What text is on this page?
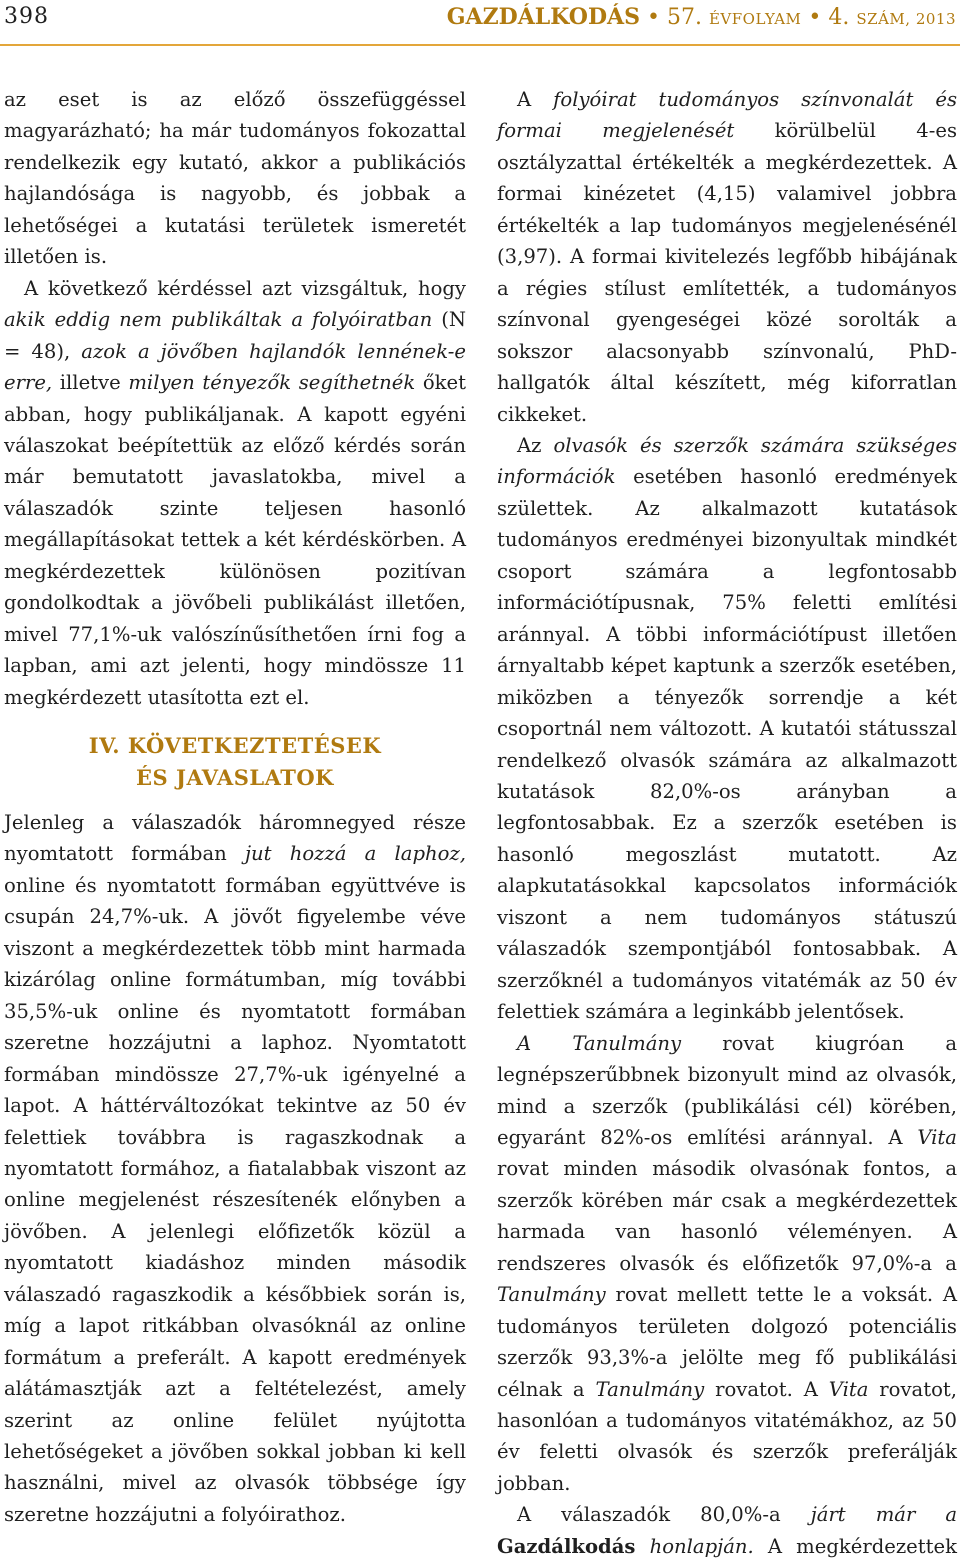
398	GAZDÁLKODÁS • 57. ÉVFOLYAM • 4. SZÁM, 2013

az eset is az előző összefüggéssel magyarázható; ha már tudományos fokozattal rendelkezik egy kutató, akkor a publikációs hajlandósága is nagyobb, és jobbak a lehetőségei a kutatási területek ismeretét illetően is.

A következő kérdéssel azt vizsgáltuk, hogy akik eddig nem publikáltak a folyóiratban (N = 48), azok a jövőben hajlandók lennének-e erre, illetve milyen tényezők segíthetnék őket abban, hogy publikáljanak. A kapott egyéni válaszokat beépítettük az előző kérdés során már bemutatott javaslatokba, mivel a válaszadók szinte teljesen hasonló megállapításokat tettek a két kérdéskörben. A megkérdezettek különösen pozitívan gondolkodtak a jövőbeli publikálást illetően, mivel 77,1%-uk valószínűsíthetően írni fog a lapban, ami azt jelenti, hogy mindössze 11 megkérdezett utasította ezt el.

IV. KÖVETKEZTETÉSEK
ÉS JAVASLATOK

Jelenleg a válaszadók háromnegyed része nyomtatott formában jut hozzá a laphoz, online és nyomtatott formában együttvéve is csupán 24,7%-uk. A jövőt figyelembe véve viszont a megkérdezettek több mint harmada kizárólag online formátumban, míg további 35,5%-uk online és nyomtatott formában szeretne hozzájutni a laphoz. Nyomtatott formában mindössze 27,7%-uk igényelné a lapot. A háttérváltozókat tekintve az 50 év felettiek továbbra is ragaszkodnak a nyomtatott formához, a fiatalabbak viszont az online megjelenést részesítenék előnyben a jövőben. A jelenlegi előfizetők közül a nyomtatott kiadáshoz minden második válaszadó ragaszkodik a későbbiek során is, míg a lapot ritkábban olvasóknál az online formátum a preferált. A kapott eredmények alátámasztják azt a feltételezést, amely szerint az online felület nyújtotta lehetőségeket a jövőben sokkal jobban ki kell használni, mivel az olvasók többsége így szeretne hozzájutni a folyóirathoz.

A folyóirat tudományos színvonalát és formai megjelenését körülbelül 4-es osztályzattal értékelték a megkérdezettek. A formai kinézetet (4,15) valamivel jobbra értékelték a lap tudományos megjelenésénél (3,97). A formai kivitelezés legfőbb hibájának a régies stílust említették, a tudományos színvonal gyengeségei közé sorolták a sokszor alacsonyabb színvonalú, PhD-hallgatók által készített, még kiforratlan cikkeket.

Az olvasók és szerzők számára szükséges információk esetében hasonló eredmények születtek. Az alkalmazott kutatások tudományos eredményei bizonyultak mindkét csoport számára a legfontosabb információtípusnak, 75% feletti említési aránnyal. A többi információtípust illetően árnyaltabb képet kaptunk a szerzők esetében, miközben a tényezők sorrendje a két csoportnál nem változott. A kutatói státusszal rendelkező olvasók számára az alkalmazott kutatások 82,0%-os arányban a legfontosabbak. Ez a szerzők esetében is hasonló megoszlást mutatott. Az alapkutatásokkal kapcsolatos információk viszont a nem tudományos státuszú válaszadók szempontjából fontosabbak. A szerzőknél a tudományos vitatémák az 50 év felettiek számára a leginkább jelentősek.

A Tanulmány rovat kiugróan a legnépszerűbbnek bizonyult mind az olvasók, mind a szerzők (publikálási cél) körében, egyaránt 82%-os említési aránnyal. A Vita rovat minden második olvasónak fontos, a szerzők körében már csak a megkérdezettek harmada van hasonló véleményen. A rendszeres olvasók és előfizetők 97,0%-a a Tanulmány rovat mellett tette le a voksát. A tudományos területen dolgozó potenciális szerzők 93,3%-a jelölte meg fő publikálási célnak a Tanulmány rovatot. A Vita rovatot, hasonlóan a tudományos vitatémákhoz, az 50 év feletti olvasók és szerzők preferálják jobban.

A válaszadók 80,0%-a járt már a Gazdálkodás honlapján. A megkérdezettek
